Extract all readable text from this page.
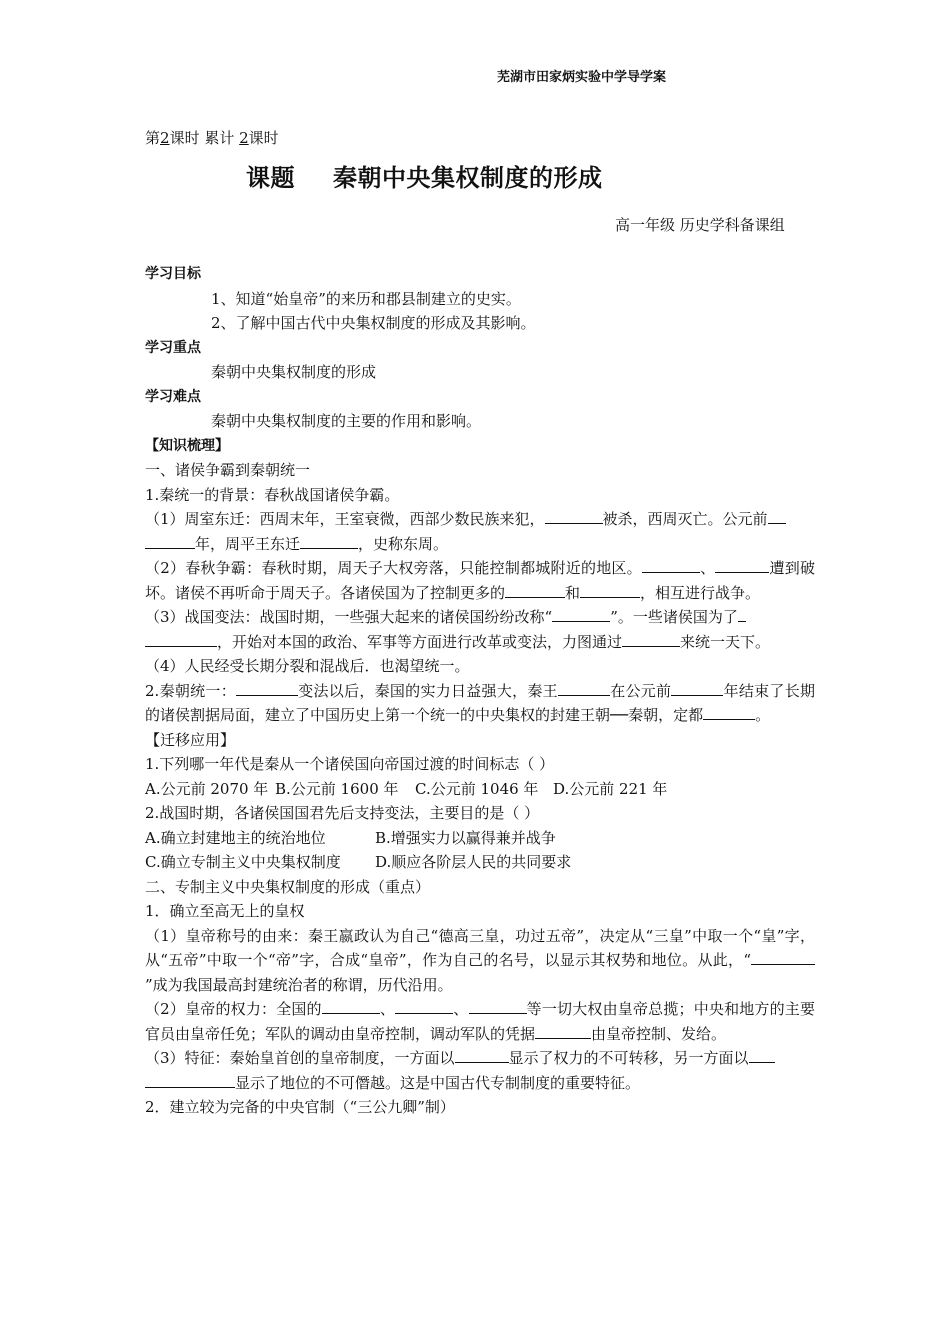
芜湖市田家炳实验中学导学案
第2课时 累计 2课时
课题 秦朝中央集权制度的形成
高一年级 历史学科备课组
学习目标
1、知道“始皇帝”的来历和郡县制建立的史实。
2、了解中国古代中央集权制度的形成及其影响。
学习重点
秦朝中央集权制度的形成
学习难点
秦朝中央集权制度的主要的作用和影响。
【知识梳理】
一、诸侯争霸到秦朝统一
1.秦统一的背景：春秋战国诸侯争霸。
（1）周室东迁：西周末年，王室衰微，西部少数民族来犯，	被杀，西周灭亡。公元前
年，周平王东迁	，史称东周。
（2）春秋争霸：春秋时期，周天子大权旁落，只能控制都城附近的地区。	、	遭到破坏。诸侯不再听命于周天子。各诸侯国为了控制更多的	和	，相互进行战争。
（3）战国变法：战国时期，一些强大起来的诸侯国纷纷改称“	”。一些诸侯国为了
，开始对本国的政治、军事等方面进行改革或变法，力图通过	来统一天下。
（4）人民经受长期分裂和混战后．也渴望统一。
2.秦朝统一：	变法以后，秦国的实力日益强大，秦王	在公元前	年结束了长期的诸侯割据局面，建立了中国历史上第一个统一的中央集权的封建王朝──秦朝，定都	。
【迁移应用】
1.下列哪一年代是秦从一个诸侯国向帝国过渡的时间标志（ ）
A.公元前 2070 年 B.公元前 1600 年 C.公元前 1046 年 D.公元前 221 年
2.战国时期，各诸侯国国君先后支持变法，主要目的是（ ）
A.确立封建地主的统治地位	B.增强实力以赢得兼并战争
C.确立专制主义中央集权制度 D.顺应各阶层人民的共同要求
二、专制主义中央集权制度的形成（重点）
1．确立至高无上的皇权
（1）皇帝称号的由来：秦王嬴政认为自己“德高三皇，功过五帝”，决定从“三皇”中取一个“皇”字，从“五帝”中取一个“帝”字，合成“皇帝”，作为自己的名号，以显示其权势和地位。从此，“”成为我国最高封建统治者的称谓，历代沿用。
（2）皇帝的权力：全国的	、	、	等一切大权由皇帝总揽；中央和地方的主要官员由皇帝任免；军队的调动由皇帝控制，调动军队的凭据	由皇帝控制、发给。
（3）特征：秦始皇首创的皇帝制度，一方面以	显示了权力的不可转移，另一方面以
显示了地位的不可僭越。这是中国古代专制制度的重要特征。
2．建立较为完备的中央官制（“三公九卿”制）
